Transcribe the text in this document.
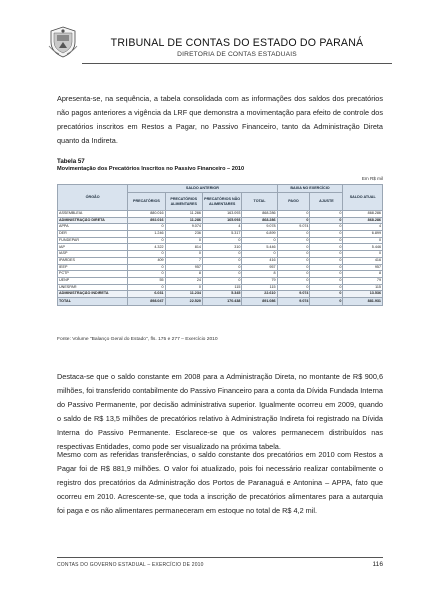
TRIBUNAL DE CONTAS DO ESTADO DO PARANÁ
DIRETORIA DE CONTAS ESTADUAIS
Apresenta-se, na sequência, a tabela consolidada com as informações dos saldos dos precatórios não pagos anteriores a vigência da LRF que demonstra a movimentação para efeito de controle dos precatórios inscritos em Restos a Pagar, no Passivo Financeiro, tanto da Administração Direta quanto da Indireta.
Tabela 57
Movimentação dos Precatórios Inscritos no Passivo Financeiro – 2010
Em R$ mil
ÓRGÃO	SALDO ANTERIOR				BAIXA NO EXERCÍCIO		SALDO ATUAL
	PRECATÓRIOS	PRECATÓRIOS ALIMENTARES	PRECATÓRIOS NÃO ALIMENTARES	TOTAL	PAGO	AJUSTE	
ASSEMBLEIA	880.016	11.286	163.093	868.286	0	0	868.286
ADMINISTRAÇÃO DIRETA	892.016	11.286	165.093	868.286	0	0	868.286
APPA	0	9.074	4	9.078	9.074	0	4
DER	1.246	236	5.317	6.899	0	0	6.899
FUNDEPAR	0	0	0	0	0	0	0
IAP	4.322	814	310	5.446	0	0	5.446
IASP	0	0	0	0	0	0	0
IPARDES	409	7	0	416	0	0	416
IEEP	0	957	0	957	0	0	957
PCTP	0	8	0	8	0	0	8
UENP	55	24	0	79	0	0	79
UNESPAR	0	0	115	115	0	0	115
ADMINISTRAÇÃO INDIRETA	6.031	11.234	5.345	22.610	9.074	0	13.536
TOTAL	898.047	22.520	170.438	891.086	9.074	0	881.931
Fonte: Volume "Balanço Geral do Estado", fls. 175 e 277 – Exercício 2010
Destaca-se que o saldo constante em 2008 para a Administração Direta, no montante de R$ 900,6 milhões, foi transferido contabilmente do Passivo Financeiro para a conta da Dívida Fundada Interna do Passivo Permanente, por decisão administrativa superior. Igualmente ocorreu em 2009, quando o saldo de R$ 13,5 milhões de precatórios relativo à Administração Indireta foi registrado na Dívida Interna do Passivo Permanente. Esclarece-se que os valores permanecem distribuídos nas respectivas Entidades, como pode ser visualizado na próxima tabela.
Mesmo com as referidas transferências, o saldo constante dos precatórios em 2010 com Restos a Pagar foi de R$ 881,9 milhões. O valor foi atualizado, pois foi necessário realizar contabilmente o registro dos precatórios da Administração dos Portos de Paranaguá e Antonina – APPA, fato que ocorreu em 2010. Acrescente-se, que toda a inscrição de precatórios alimentares para a autarquia foi paga e os não alimentares permaneceram em estoque no total de R$ 4,2 mil.
CONTAS DO GOVERNO ESTADUAL – EXERCÍCIO DE 2010	116
